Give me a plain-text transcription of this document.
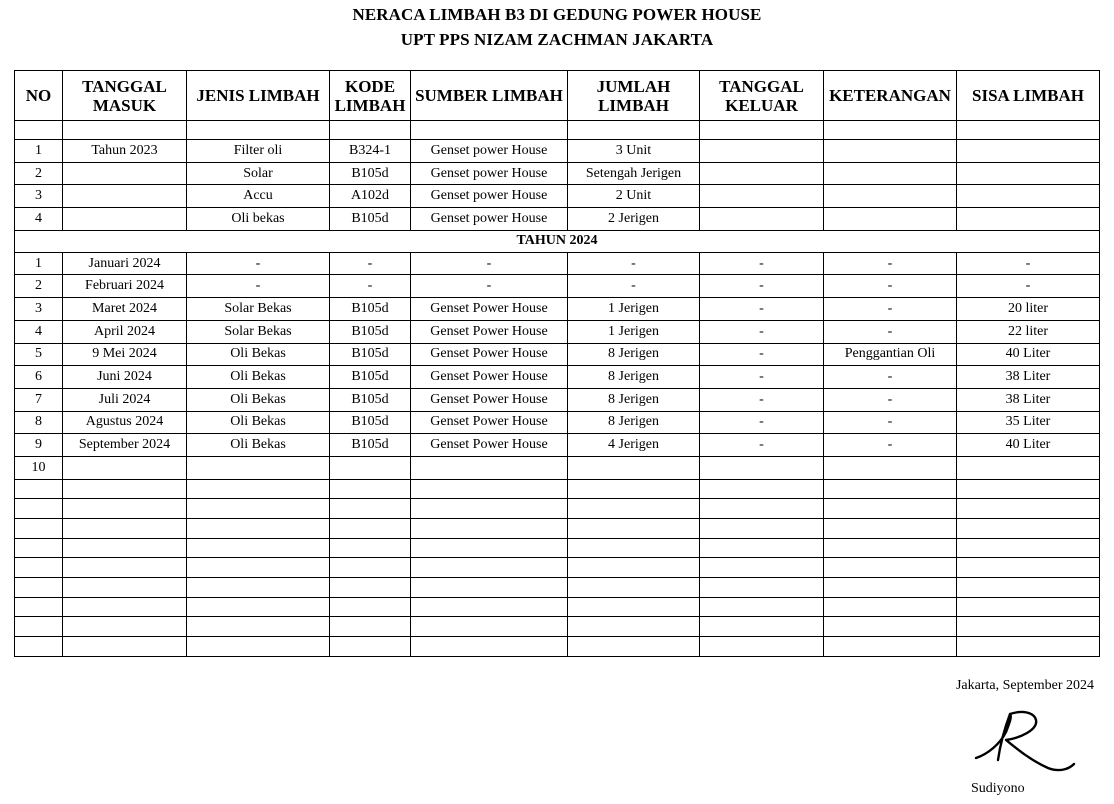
NERACA LIMBAH B3 DI GEDUNG POWER HOUSE
UPT PPS NIZAM ZACHMAN JAKARTA
NO	TANGGAL MASUK	JENIS LIMBAH	KODE LIMBAH	SUMBER LIMBAH	JUMLAH LIMBAH	TANGGAL KELUAR	KETERANGAN	SISA LIMBAH

1	Tahun 2023	Filter oli	B324-1	Genset power House	3 Unit			
2		Solar	B105d	Genset power House	Setengah Jerigen			
3		Accu	A102d	Genset power House	2 Unit			
4		Oli bekas	B105d	Genset power House	2 Jerigen			
TAHUN 2024								
1	Januari 2024	-	-	-	-	-	-	-
2	Februari 2024	-	-	-	-	-	-	-
3	Maret 2024	Solar Bekas	B105d	Genset Power House	1 Jerigen	-	-	20 liter
4	April 2024	Solar Bekas	B105d	Genset Power House	1 Jerigen	-	-	22 liter
5	9 Mei 2024	Oli Bekas	B105d	Genset Power House	8 Jerigen	-	Penggantian Oli	40 Liter
6	Juni 2024	Oli Bekas	B105d	Genset Power House	8 Jerigen	-	-	38 Liter
7	Juli 2024	Oli Bekas	B105d	Genset Power House	8 Jerigen	-	-	38 Liter
8	Agustus 2024	Oli Bekas	B105d	Genset Power House	8 Jerigen	-	-	35 Liter
9	September 2024	Oli Bekas	B105d	Genset Power House	4 Jerigen	-	-	40 Liter
10								

Jakarta, September 2024
Sudiyono
